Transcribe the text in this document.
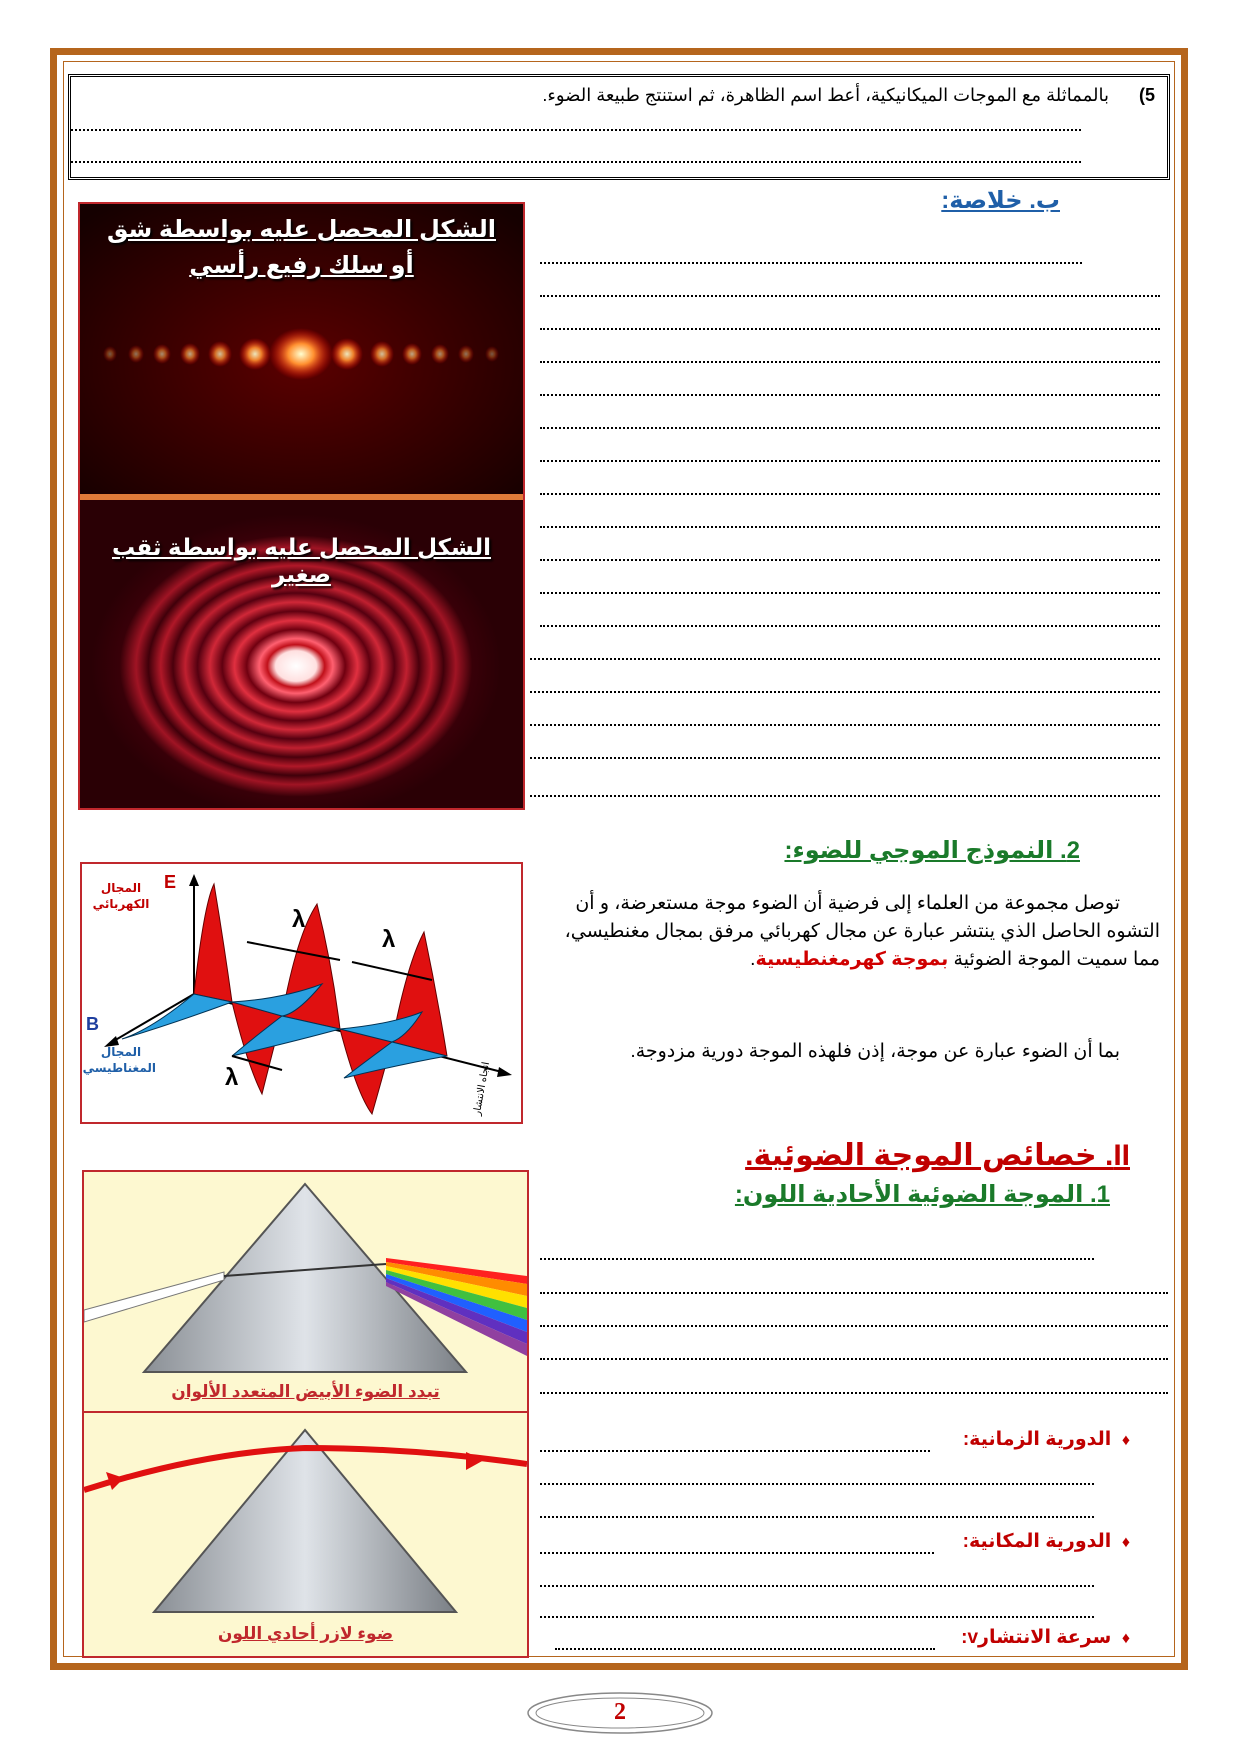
5)
بالمماثلة مع الموجات الميكانيكية، أعط اسم الظاهرة، ثم استنتج طبيعة الضوء.
ب. خلاصة:
الشكل المحصل عليه بواسطة شق
أو سلك رفيع رأسي
الشكل المحصل عليه بواسطة ثقب صغير
2. النموذج الموجي للضوء:
توصل مجموعة من العلماء إلى فرضية أن الضوء موجة مستعرضة، و أن التشوه الحاصل الذي ينتشر عبارة عن مجال كهربائي مرفق بمجال مغنطيسي، مما سميت الموجة الضوئية بموجة كهرمغنطيسية.
بما أن الضوء عبارة عن موجة، إذن فلهذه الموجة دورية مزدوجة.
λ
λ
λ
E
B
المجال الكهربائي
المجال المغناطيسي	اتجاه الانتشار
II. خصائص الموجة الضوئية.
1. الموجة الضوئية الأحادية اللون:
تبدد الضوء الأبيض المتعدد الألوان
ضوء لازر أحادي اللون
♦  الدورية الزمانية:
♦  الدورية المكانية:
♦  سرعة الانتشارv:
2
